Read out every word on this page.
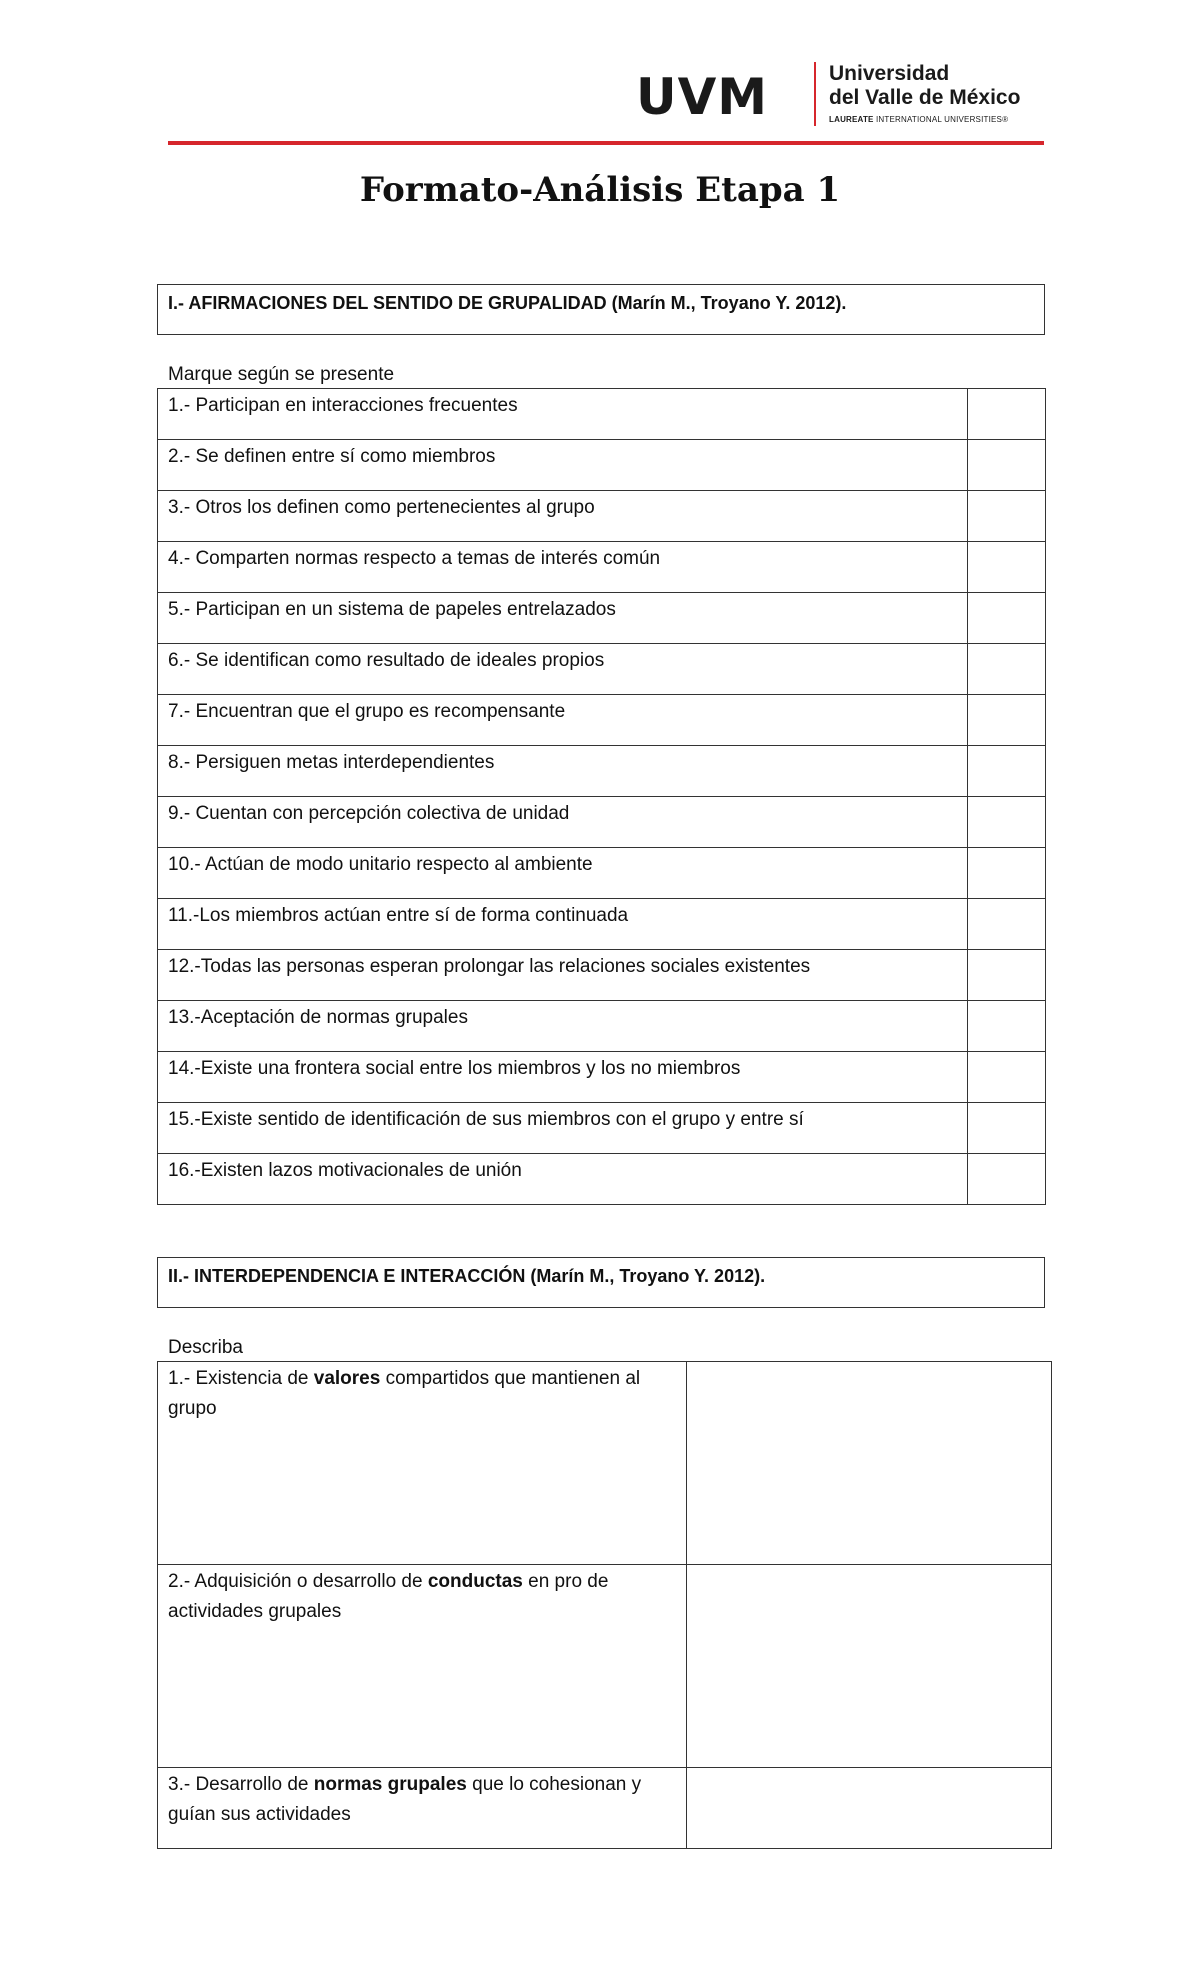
UVM	Universidad
del Valle de México
LAUREATE INTERNATIONAL UNIVERSITIES®
Formato-Análisis Etapa 1
I.- AFIRMACIONES DEL SENTIDO DE GRUPALIDAD (Marín M., Troyano Y. 2012).
Marque según se presente
1.- Participan en interacciones frecuentes	

2.- Se definen entre sí como miembros	

3.- Otros los definen como pertenecientes al grupo	

4.- Comparten normas respecto a temas de interés común	

5.- Participan en un sistema de papeles entrelazados	

6.- Se identifican como resultado de ideales propios	

7.- Encuentran que el grupo es recompensante	

8.- Persiguen metas interdependientes	

9.- Cuentan con percepción colectiva de unidad	

10.- Actúan de modo unitario respecto al ambiente	

11.-Los miembros actúan entre sí de forma continuada	

12.-Todas las personas esperan prolongar las relaciones sociales existentes	

13.-Aceptación de normas grupales	

14.-Existe una frontera social entre los miembros y los no miembros	

15.-Existe sentido de identificación de sus miembros con el grupo y entre sí	

16.-Existen lazos motivacionales de unión	

II.- INTERDEPENDENCIA E INTERACCIÓN (Marín M., Troyano Y. 2012).
Describa
1.- Existencia de valores compartidos que mantienen al grupo	

2.- Adquisición o desarrollo de conductas en pro de actividades grupales	

3.- Desarrollo de normas grupales que lo cohesionan y guían sus actividades	
